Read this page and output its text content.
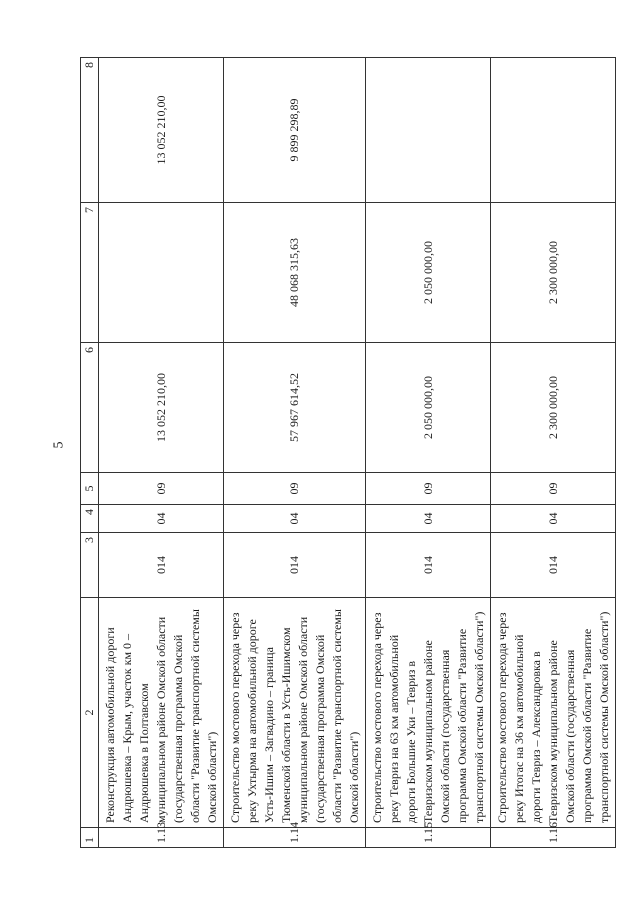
5
1	2	3	4	5	6	7	8
1.13	Реконструкция автомобильной дороги Андрюшевка – Крым, участок км 0 – Андрюшевка в Полтавском муниципальном районе Омской области (государственная программа Омской области "Развитие транспортной системы Омской области")	014	04	09	13 052 210,00		13 052 210,00
1.14	Строительство мостового перехода через реку Ухтырма на автомобильной дороге Усть-Ишим – Загвадино – граница Тюменской области в Усть-Ишимском муниципальном районе Омской области (государственная программа Омской области "Развитие транспортной системы Омской области")	014	04	09	57 967 614,52	48 068 315,63	9 899 298,89
1.15	Строительство мостового перехода через реку Тевриз на 63 км автомобильной дороги Большие Уки – Тевриз в Тевризском муниципальном районе Омской области (государственная программа Омской области "Развитие транспортной системы Омской области")	014	04	09	2 050 000,00	2 050 000,00	
1.16	Строительство мостового перехода через реку Итогас на 36 км автомобильной дороги Тевриз – Александровка в Тевризском муниципальном районе Омской области (государственная программа Омской области "Развитие транспортной системы Омской области")	014	04	09	2 300 000,00	2 300 000,00	
